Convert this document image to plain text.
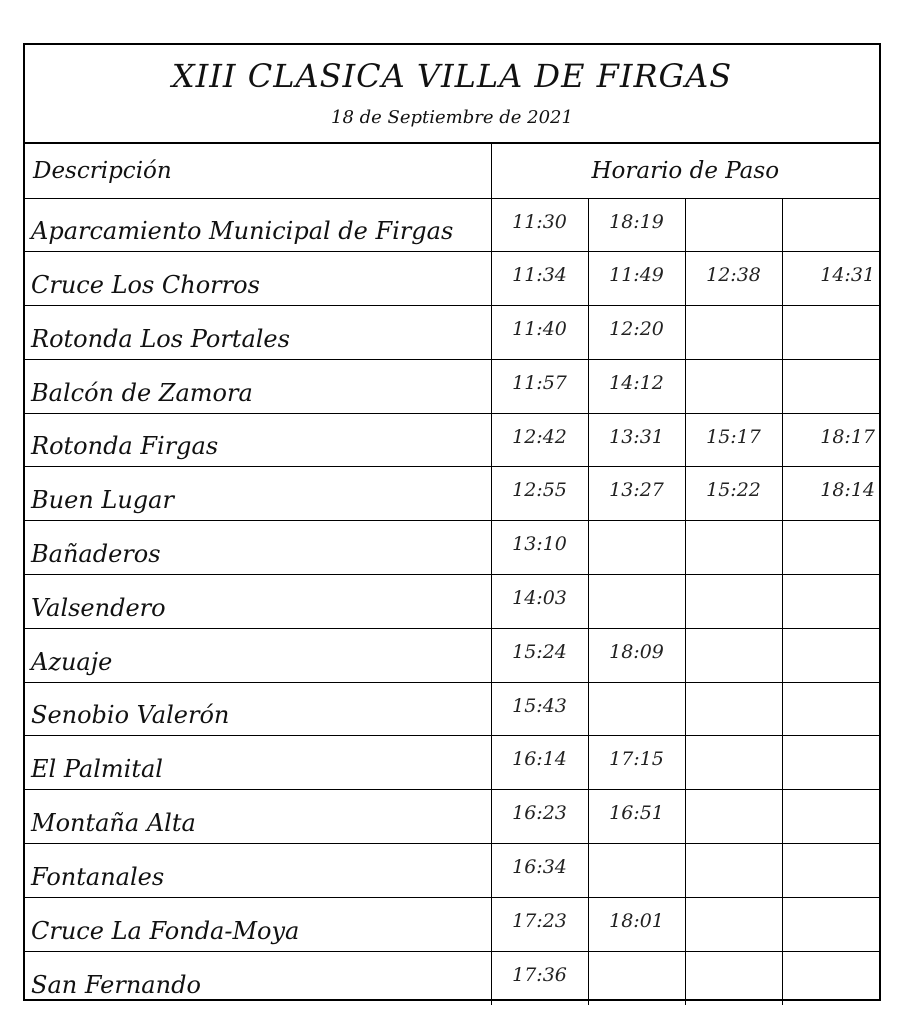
XIII CLASICA VILLA DE FIRGAS
18 de Septiembre de 2021
Descripción	Horario de Paso			
Aparcamiento Municipal de Firgas	11:30	18:19		
Cruce Los Chorros	11:34	11:49	12:38	14:31
Rotonda Los Portales	11:40	12:20		
Balcón de Zamora	11:57	14:12		
Rotonda Firgas	12:42	13:31	15:17	18:17
Buen Lugar	12:55	13:27	15:22	18:14
Bañaderos	13:10			
Valsendero	14:03			
Azuaje	15:24	18:09		
Senobio Valerón	15:43			
El Palmital	16:14	17:15		
Montaña Alta	16:23	16:51		
Fontanales	16:34			
Cruce La Fonda-Moya	17:23	18:01		
San Fernando	17:36			
